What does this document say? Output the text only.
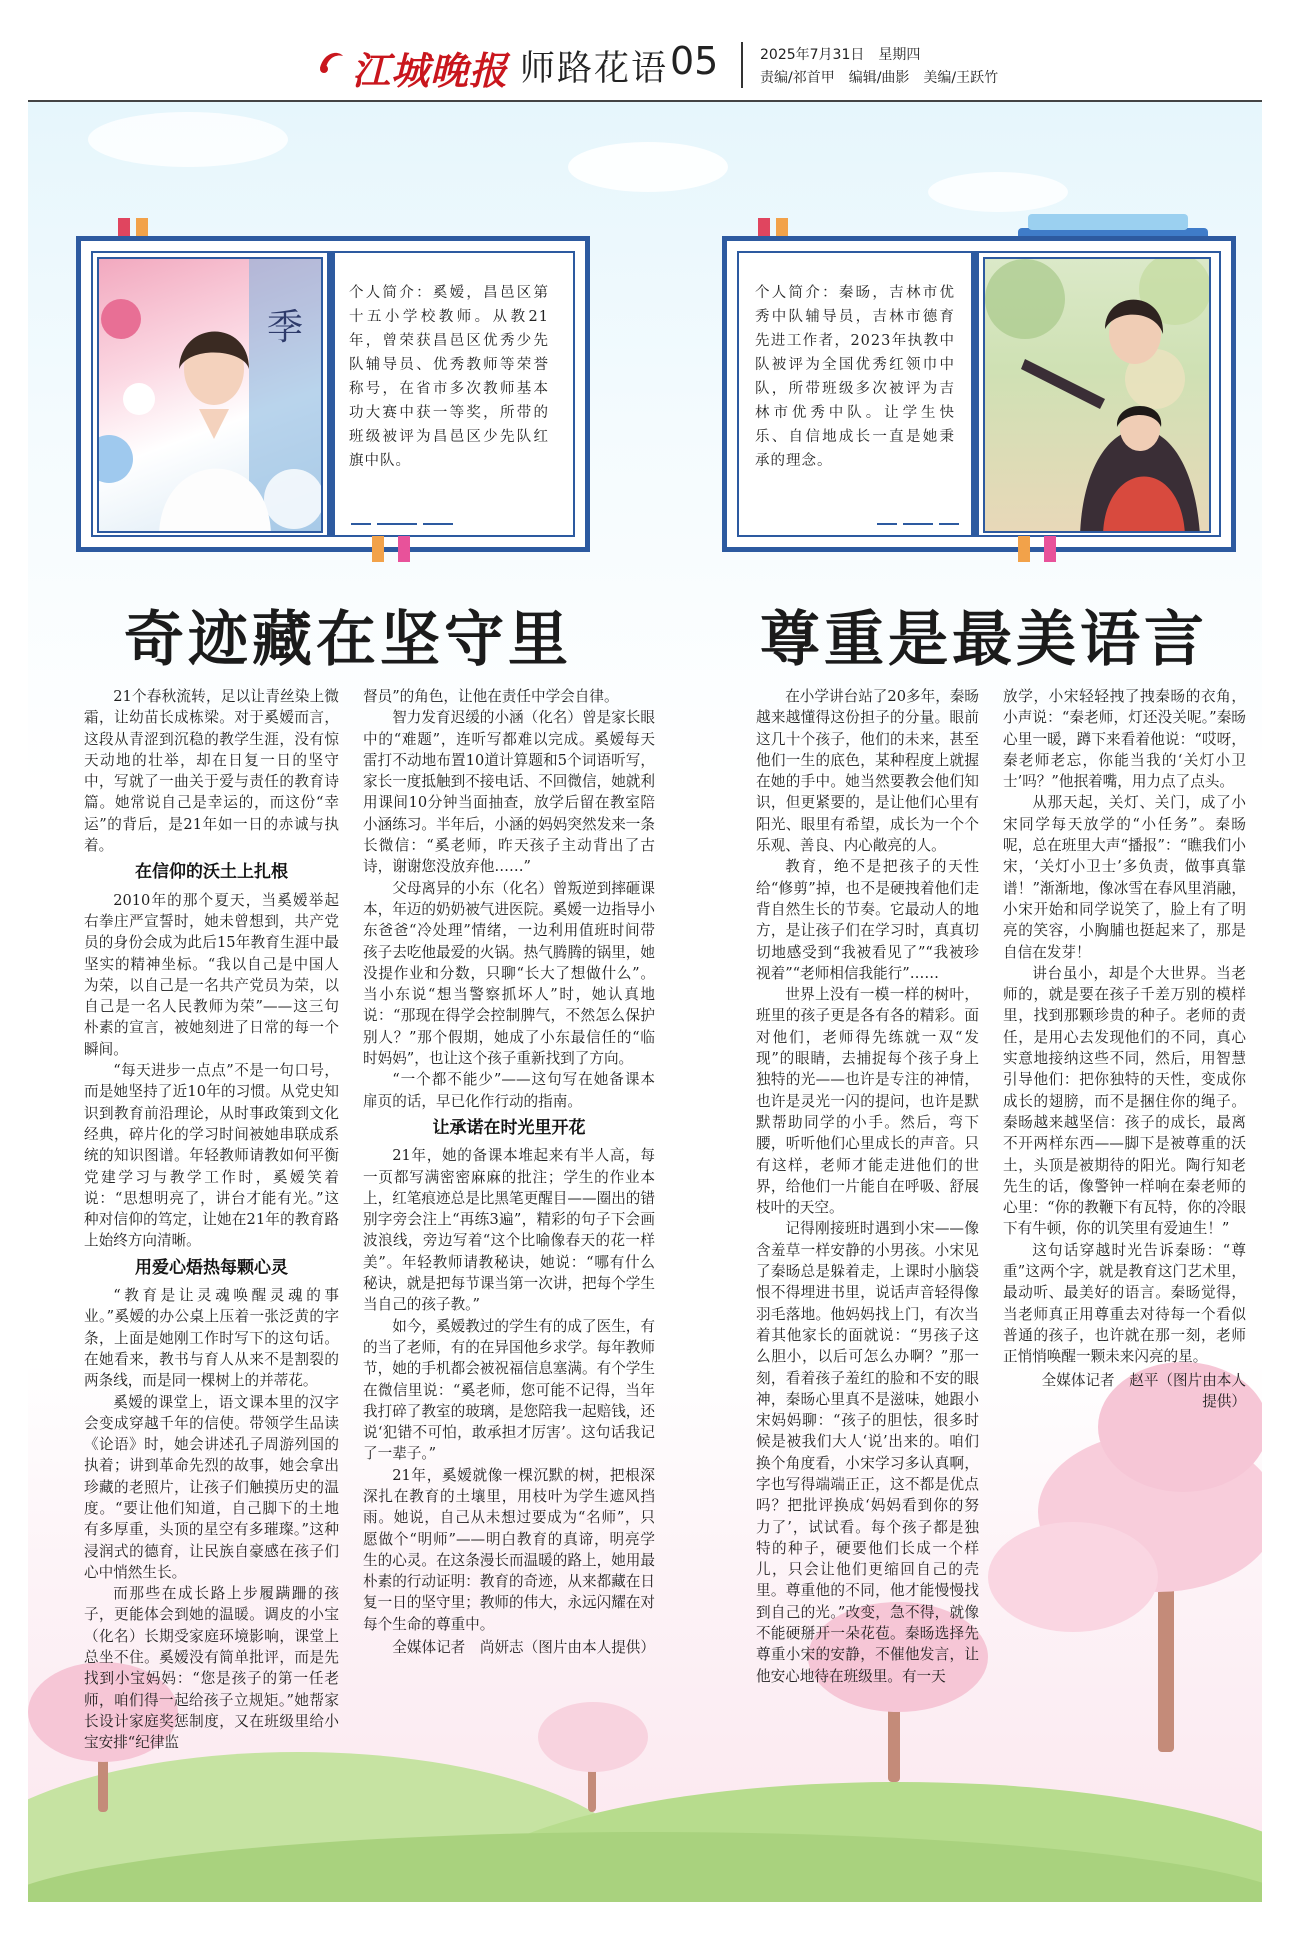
江城晚报 师路花语 05	2025年7月31日　星期四
责编/祁首甲　编辑/曲影　美编/王跃竹
季
个人简介：奚嫒，昌邑区第十五小学校教师。从教21年，曾荣获昌邑区优秀少先队辅导员、优秀教师等荣誉称号，在省市多次教师基本功大赛中获一等奖，所带的班级被评为昌邑区少先队红旗中队。
个人简介：秦旸，吉林市优秀中队辅导员，吉林市德育先进工作者，2023年执教中队被评为全国优秀红领巾中队，所带班级多次被评为吉林市优秀中队。让学生快乐、自信地成长一直是她秉承的理念。
奇迹藏在坚守里	尊重是最美语言

21个春秋流转，足以让青丝染上微霜，让幼苗长成栋梁。对于奚嫒而言，这段从青涩到沉稳的教学生涯，没有惊天动地的壮举，却在日复一日的坚守中，写就了一曲关于爱与责任的教育诗篇。她常说自己是幸运的，而这份“幸运”的背后，是21年如一日的赤诚与执着。

在信仰的沃土上扎根

2010年的那个夏天，当奚嫒举起右拳庄严宣誓时，她未曾想到，共产党员的身份会成为此后15年教育生涯中最坚实的精神坐标。“我以自己是中国人为荣，以自己是一名共产党员为荣，以自己是一名人民教师为荣”——这三句朴素的宣言，被她刻进了日常的每一个瞬间。

“每天进步一点点”不是一句口号，而是她坚持了近10年的习惯。从党史知识到教育前沿理论，从时事政策到文化经典，碎片化的学习时间被她串联成系统的知识图谱。年轻教师请教如何平衡党建学习与教学工作时，奚嫒笑着说：“思想明亮了，讲台才能有光。”这种对信仰的笃定，让她在21年的教育路上始终方向清晰。

用爱心焐热每颗心灵

“教育是让灵魂唤醒灵魂的事业。”奚嫒的办公桌上压着一张泛黄的字条，上面是她刚工作时写下的这句话。在她看来，教书与育人从来不是割裂的两条线，而是同一棵树上的并蒂花。

奚嫒的课堂上，语文课本里的汉字会变成穿越千年的信使。带领学生品读《论语》时，她会讲述孔子周游列国的执着；讲到革命先烈的故事，她会拿出珍藏的老照片，让孩子们触摸历史的温度。“要让他们知道，自己脚下的土地有多厚重，头顶的星空有多璀璨。”这种浸润式的德育，让民族自豪感在孩子们心中悄然生长。

而那些在成长路上步履蹒跚的孩子，更能体会到她的温暖。调皮的小宝（化名）长期受家庭环境影响，课堂上总坐不住。奚嫒没有简单批评，而是先找到小宝妈妈：“您是孩子的第一任老师，咱们得一起给孩子立规矩。”她帮家长设计家庭奖惩制度，又在班级里给小宝安排“纪律监

督员”的角色，让他在责任中学会自律。

智力发育迟缓的小涵（化名）曾是家长眼中的“难题”，连听写都难以完成。奚嫒每天雷打不动地布置10道计算题和5个词语听写，家长一度抵触到不接电话、不回微信，她就利用课间10分钟当面抽查，放学后留在教室陪小涵练习。半年后，小涵的妈妈突然发来一条长微信：“奚老师，昨天孩子主动背出了古诗，谢谢您没放弃他……”

父母离异的小东（化名）曾叛逆到摔砸课本，年迈的奶奶被气进医院。奚嫒一边指导小东爸爸“冷处理”情绪，一边利用值班时间带孩子去吃他最爱的火锅。热气腾腾的锅里，她没提作业和分数，只聊“长大了想做什么”。当小东说“想当警察抓坏人”时，她认真地说：“那现在得学会控制脾气，不然怎么保护别人？”那个假期，她成了小东最信任的“临时妈妈”，也让这个孩子重新找到了方向。

“一个都不能少”——这句写在她备课本扉页的话，早已化作行动的指南。

让承诺在时光里开花

21年，她的备课本堆起来有半人高，每一页都写满密密麻麻的批注；学生的作业本上，红笔痕迹总是比黑笔更醒目——圈出的错别字旁会注上“再练3遍”，精彩的句子下会画波浪线，旁边写着“这个比喻像春天的花一样美”。年轻教师请教秘诀，她说：“哪有什么秘诀，就是把每节课当第一次讲，把每个学生当自己的孩子教。”

如今，奚嫒教过的学生有的成了医生，有的当了老师，有的在异国他乡求学。每年教师节，她的手机都会被祝福信息塞满。有个学生在微信里说：“奚老师，您可能不记得，当年我打碎了教室的玻璃，是您陪我一起赔钱，还说‘犯错不可怕，敢承担才厉害’。这句话我记了一辈子。”

21年，奚嫒就像一棵沉默的树，把根深深扎在教育的土壤里，用枝叶为学生遮风挡雨。她说，自己从未想过要成为“名师”，只愿做个“明师”——明白教育的真谛，明亮学生的心灵。在这条漫长而温暖的路上，她用最朴素的行动证明：教育的奇迹，从来都藏在日复一日的坚守里；教师的伟大，永远闪耀在对每个生命的尊重中。

全媒体记者　尚妍志（图片由本人提供）

在小学讲台站了20多年，秦旸越来越懂得这份担子的分量。眼前这几十个孩子，他们的未来，甚至他们一生的底色，某种程度上就握在她的手中。她当然要教会他们知识，但更紧要的，是让他们心里有阳光、眼里有希望，成长为一个个乐观、善良、内心敞亮的人。

教育，绝不是把孩子的天性给“修剪”掉，也不是硬拽着他们走背自然生长的节奏。它最动人的地方，是让孩子们在学习时，真真切切地感受到“我被看见了”“我被珍视着”“老师相信我能行”……

世界上没有一模一样的树叶，班里的孩子更是各有各的精彩。面对他们，老师得先练就一双“发现”的眼睛，去捕捉每个孩子身上独特的光——也许是专注的神情，也许是灵光一闪的提问，也许是默默帮助同学的小手。然后，弯下腰，听听他们心里成长的声音。只有这样，老师才能走进他们的世界，给他们一片能自在呼吸、舒展枝叶的天空。

记得刚接班时遇到小宋——像含羞草一样安静的小男孩。小宋见了秦旸总是躲着走，上课时小脑袋恨不得埋进书里，说话声音轻得像羽毛落地。他妈妈找上门，有次当着其他家长的面就说：“男孩子这么胆小，以后可怎么办啊？”那一刻，看着孩子羞红的脸和不安的眼神，秦旸心里真不是滋味，她跟小宋妈妈聊：“孩子的胆怯，很多时候是被我们大人‘说’出来的。咱们换个角度看，小宋学习多认真啊，字也写得端端正正，这不都是优点吗？把批评换成‘妈妈看到你的努力了’，试试看。每个孩子都是独特的种子，硬要他们长成一个样儿，只会让他们更缩回自己的壳里。尊重他的不同，他才能慢慢找到自己的光。”改变，急不得，就像不能硬掰开一朵花苞。秦旸选择先尊重小宋的安静，不催他发言，让他安心地待在班级里。有一天

放学，小宋轻轻拽了拽秦旸的衣角，小声说：“秦老师，灯还没关呢。”秦旸心里一暖，蹲下来看着他说：“哎呀，秦老师老忘，你能当我的‘关灯小卫士’吗？”他抿着嘴，用力点了点头。

从那天起，关灯、关门，成了小宋同学每天放学的“小任务”。秦旸呢，总在班里大声“播报”：“瞧我们小宋，‘关灯小卫士’多负责，做事真靠谱！”渐渐地，像冰雪在春风里消融，小宋开始和同学说笑了，脸上有了明亮的笑容，小胸脯也挺起来了，那是自信在发芽！

讲台虽小，却是个大世界。当老师的，就是要在孩子千差万别的模样里，找到那颗珍贵的种子。老师的责任，是用心去发现他们的不同，真心实意地接纳这些不同，然后，用智慧引导他们：把你独特的天性，变成你成长的翅膀，而不是捆住你的绳子。秦旸越来越坚信：孩子的成长，最离不开两样东西——脚下是被尊重的沃土，头顶是被期待的阳光。陶行知老先生的话，像警钟一样响在秦老师的心里：“你的教鞭下有瓦特，你的冷眼下有牛顿，你的讥笑里有爱迪生！”

这句话穿越时光告诉秦旸：“尊重”这两个字，就是教育这门艺术里，最动听、最美好的语言。秦旸觉得，当老师真正用尊重去对待每一个看似普通的孩子，也许就在那一刻，老师正悄悄唤醒一颗未来闪亮的星。

全媒体记者　赵平（图片由本人提供）
